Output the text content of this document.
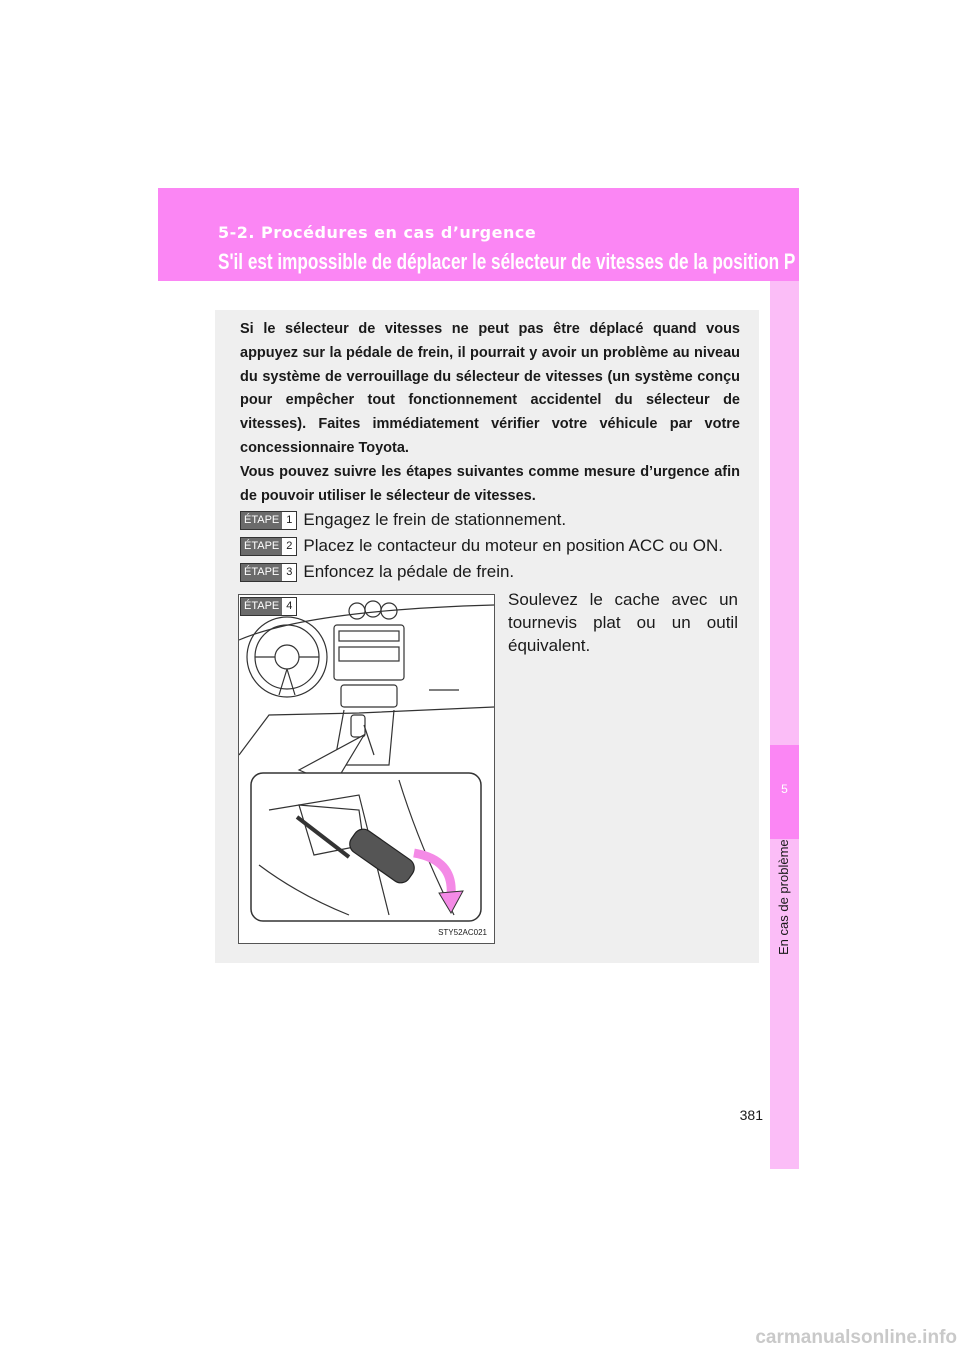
5-2. Procédures en cas d’urgence
S'il est impossible de déplacer le sélecteur de vitesses de la position P
5
En cas de problème

Si le sélecteur de vitesses ne peut pas être déplacé quand vous appuyez sur la pédale de frein, il pourrait y avoir un problème au niveau du système de verrouillage du sélecteur de vitesses (un système conçu pour empêcher tout fonctionnement accidentel du sélecteur de vitesses). Faites immédiatement vérifier votre véhicule par votre concessionnaire Toyota.

Vous pouvez suivre les étapes suivantes comme mesure d’urgence afin de pouvoir utiliser le sélecteur de vitesses.

ÉTAPE 1 Engagez le frein de stationnement.
ÉTAPE 2 Placez le contacteur du moteur en position ACC ou ON.
ÉTAPE 3 Enfoncez la pédale de frein.
STY52AC021
ÉTAPE 4	Soulevez le cache avec un tournevis plat ou un outil équivalent.
381
carmanualsonline.info
